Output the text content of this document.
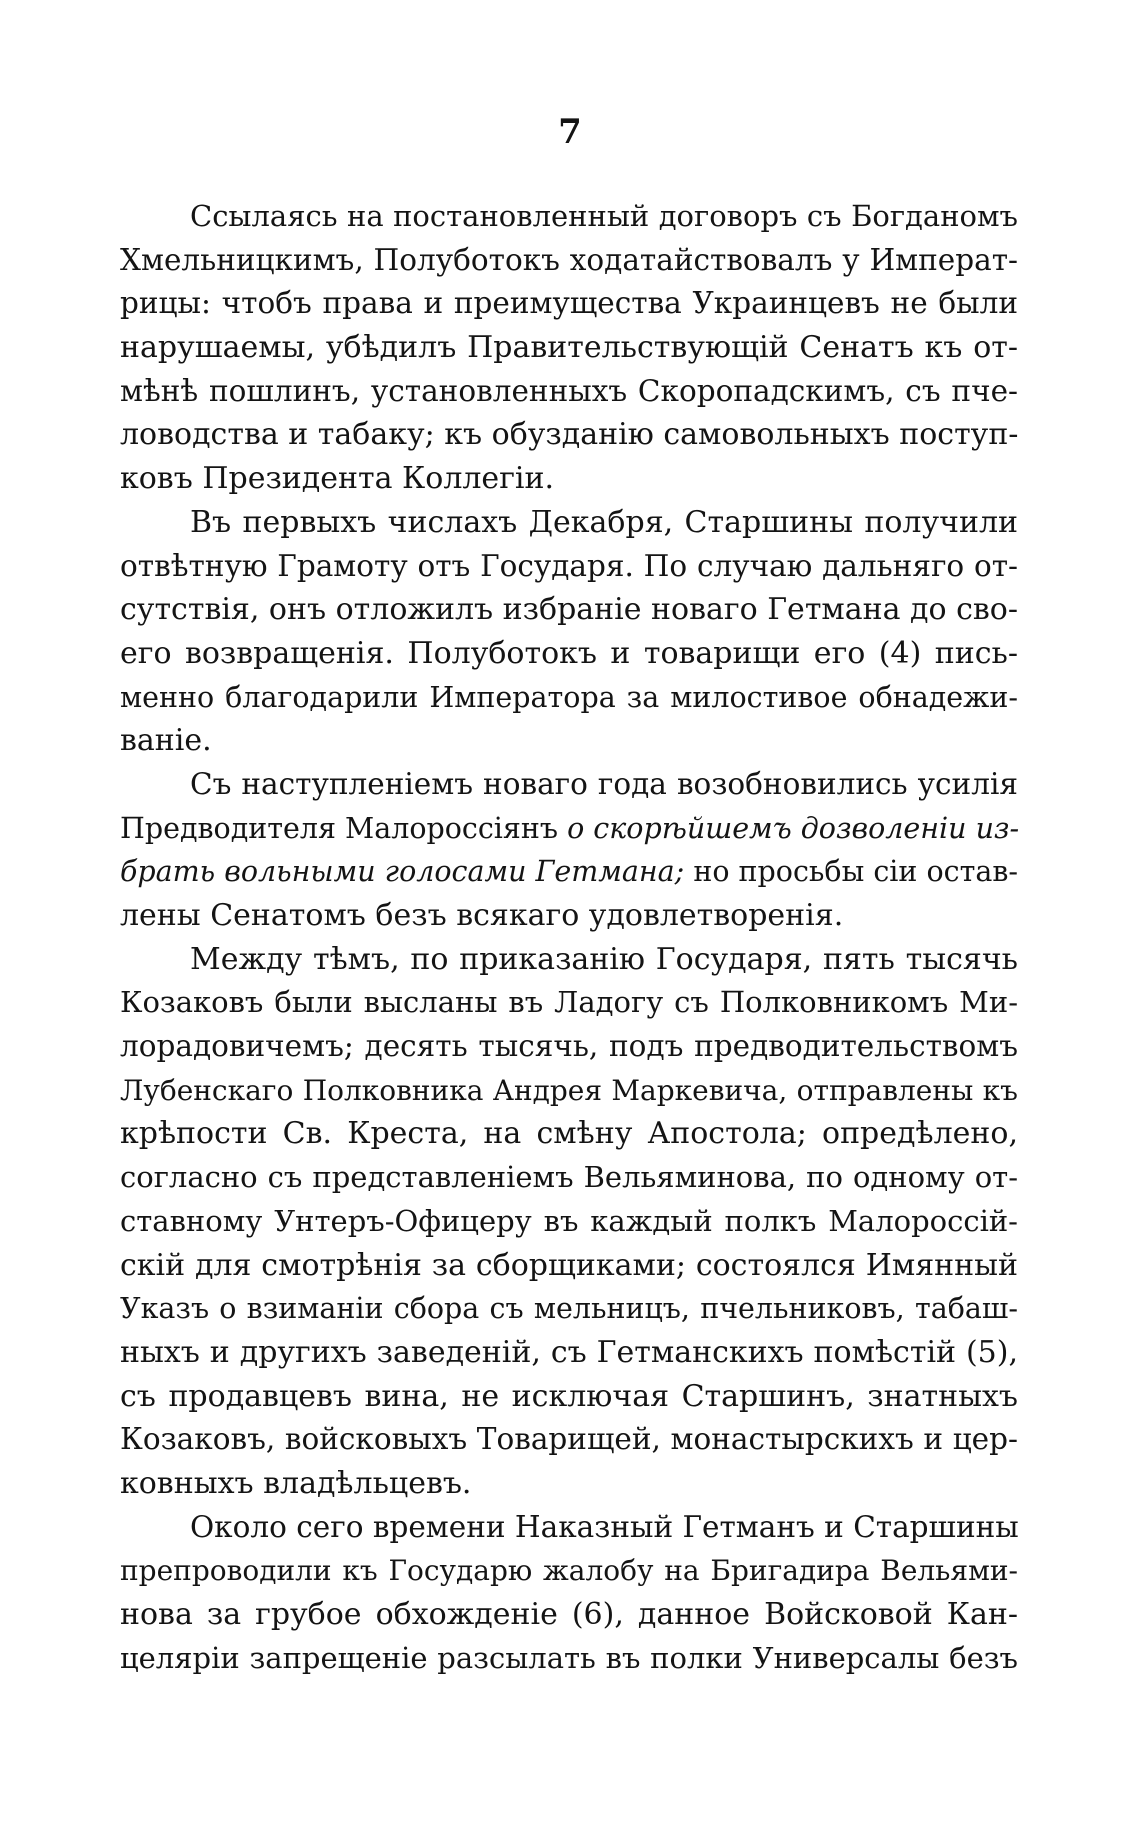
7
Ссылаясь на постановленный договоръ съ Богданомъ
Хмельницкимъ, Полуботокъ ходатайствовалъ у Императ-
рицы: чтобъ права и преимущества Украинцевъ не были
нарушаемы, убѣдилъ Правительствующій Сенатъ къ от-
мѣнѣ пошлинъ, установленныхъ Скоропадскимъ, съ пче-
ловодства и табаку; къ обузданію самовольныхъ поступ-
ковъ Президента Коллегіи.
Въ первыхъ числахъ Декабря, Старшины получили
отвѣтную Грамоту отъ Государя. По случаю дальняго от-
сутствія, онъ отложилъ избраніе новаго Гетмана до сво-
его возвращенія. Полуботокъ и товарищи его (4) пись-
менно благодарили Императора за милостивое обнадежи-
ваніе.
Съ наступленіемъ новаго года возобновились усилія
Предводителя Малороссіянъ о скорѣйшемъ дозволеніи из-
брать вольными голосами Гетмана; но просьбы сіи остав-
лены Сенатомъ безъ всякаго удовлетворенія.
Между тѣмъ, по приказанію Государя, пять тысячь
Козаковъ были высланы въ Ладогу съ Полковникомъ Ми-
лорадовичемъ; десять тысячь, подъ предводительствомъ
Лубенскаго Полковника Андрея Маркевича, отправлены къ
крѣпости Св. Креста, на смѣну Апостола; опредѣлено,
согласно съ представленіемъ Вельяминова, по одному от-
ставному Унтеръ-Офицеру въ каждый полкъ Малороссій-
скій для смотрѣнія за сборщиками; состоялся Имянный
Указъ о взиманіи сбора съ мельницъ, пчельниковъ, табаш-
ныхъ и другихъ заведеній, съ Гетманскихъ помѣстій (5),
съ продавцевъ вина, не исключая Старшинъ, знатныхъ
Козаковъ, войсковыхъ Товарищей, монастырскихъ и цер-
ковныхъ владѣльцевъ.
Около сего времени Наказный Гетманъ и Старшины
препроводили къ Государю жалобу на Бригадира Вельями-
нова за грубое обхожденіе (6), данное Войсковой Кан-
целяріи запрещеніе разсылать въ полки Универсалы безъ
